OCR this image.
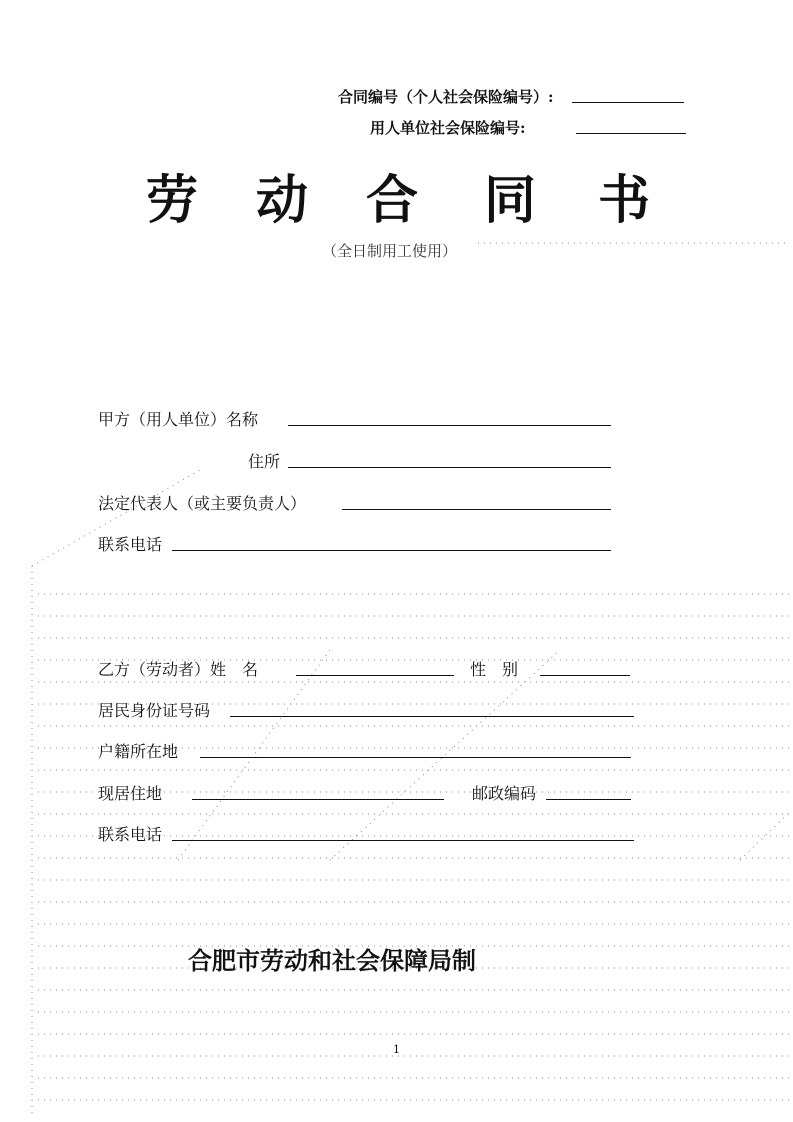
合同编号（个人社会保险编号）:
用人单位社会保险编号:
劳 动 合 同 书
（全日制用工使用）
甲方（用人单位）名称
住所
法定代表人（或主要负责人）
联系电话
乙方（劳动者）姓　名	性　别
居民身份证号码
户籍所在地
现居住地	邮政编码
联系电话
合肥市劳动和社会保障局制
1
